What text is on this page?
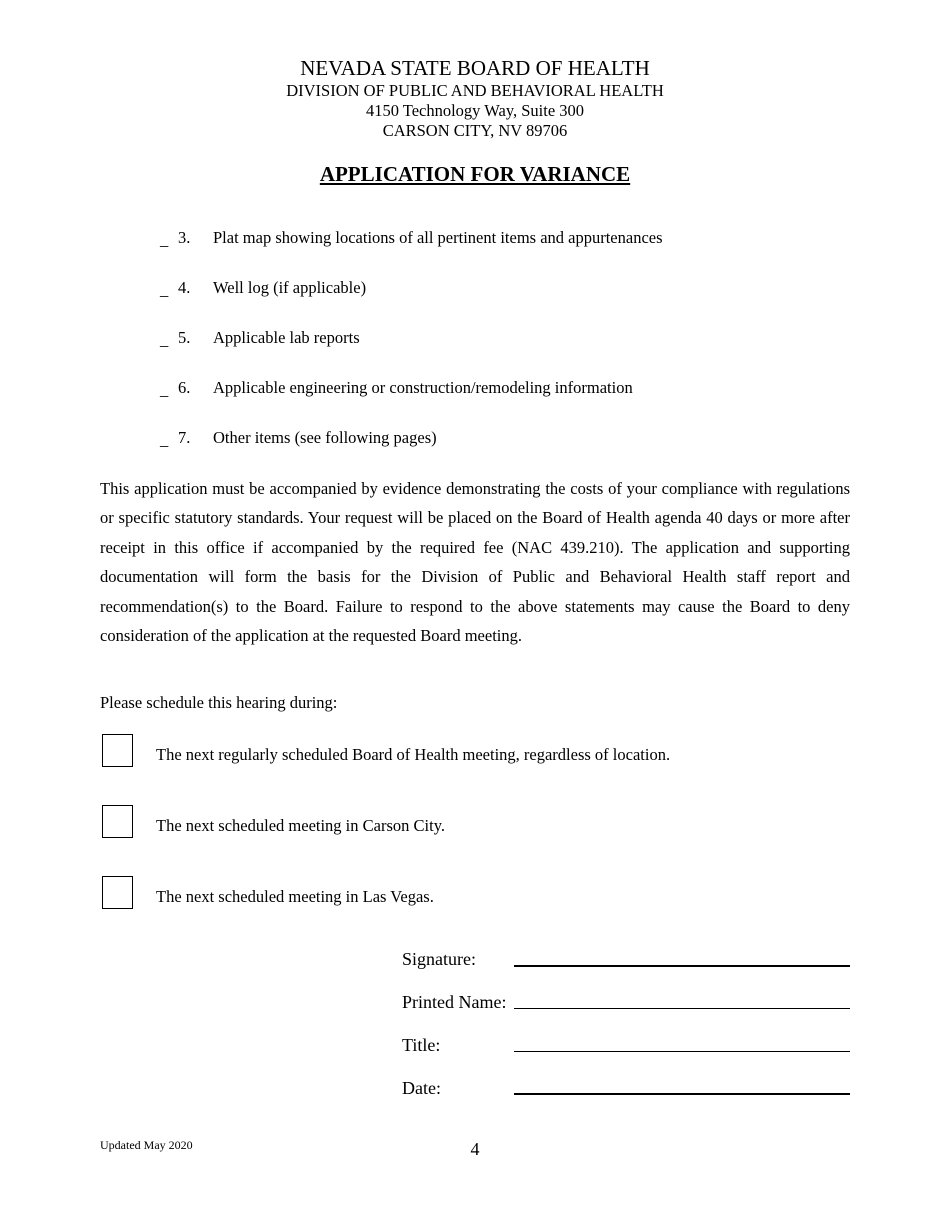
NEVADA STATE BOARD OF HEALTH
DIVISION OF PUBLIC AND BEHAVIORAL HEALTH
4150 Technology Way, Suite 300
CARSON CITY, NV 89706
APPLICATION FOR VARIANCE
_ 3. Plat map showing locations of all pertinent items and appurtenances
_ 4. Well log (if applicable)
_ 5. Applicable lab reports
_ 6. Applicable engineering or construction/remodeling information
_ 7. Other items (see following pages)
This application must be accompanied by evidence demonstrating the costs of your compliance with regulations or specific statutory standards. Your request will be placed on the Board of Health agenda 40 days or more after receipt in this office if accompanied by the required fee (NAC 439.210). The application and supporting documentation will form the basis for the Division of Public and Behavioral Health staff report and recommendation(s) to the Board. Failure to respond to the above statements may cause the Board to deny consideration of the application at the requested Board meeting.
Please schedule this hearing during:
The next regularly scheduled Board of Health meeting, regardless of location.
The next scheduled meeting in Carson City.
The next scheduled meeting in Las Vegas.
Signature:
Printed Name:
Title:
Date:
Updated May 2020	4
